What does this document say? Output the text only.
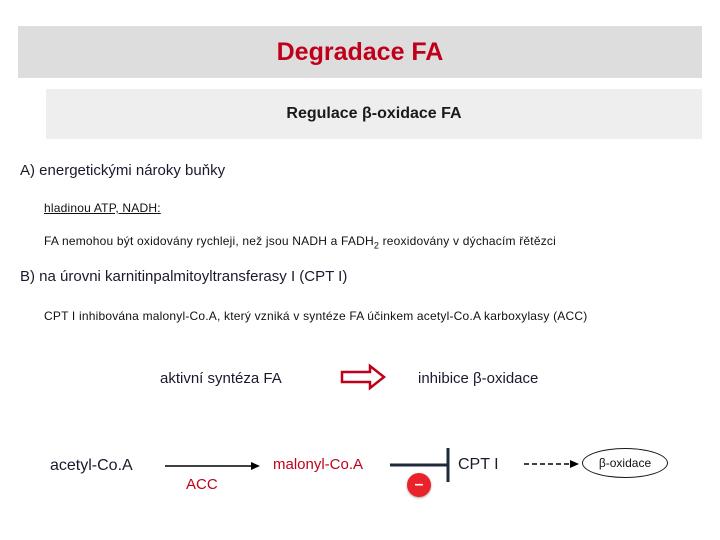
Degradace FA
Regulace β-oxidace FA
A) energetickými nároky buňky
hladinou ATP, NADH:
FA nemohou být oxidovány rychleji, než jsou NADH a $FADH_2$ reoxidovány v dýchacím řětězci
B) na úrovni karnitinpalmitoyltransferasy I (CPT I)
CPT I inhibována malonyl-Co.A, který vzniká v syntéze FA účinkem acetyl-Co.A karboxylasy (ACC)
aktivní syntéza FA	inhibice β-oxidace
acetyl-Co.A
ACC
malonyl-Co.A
–
CPT I	β-oxidace
